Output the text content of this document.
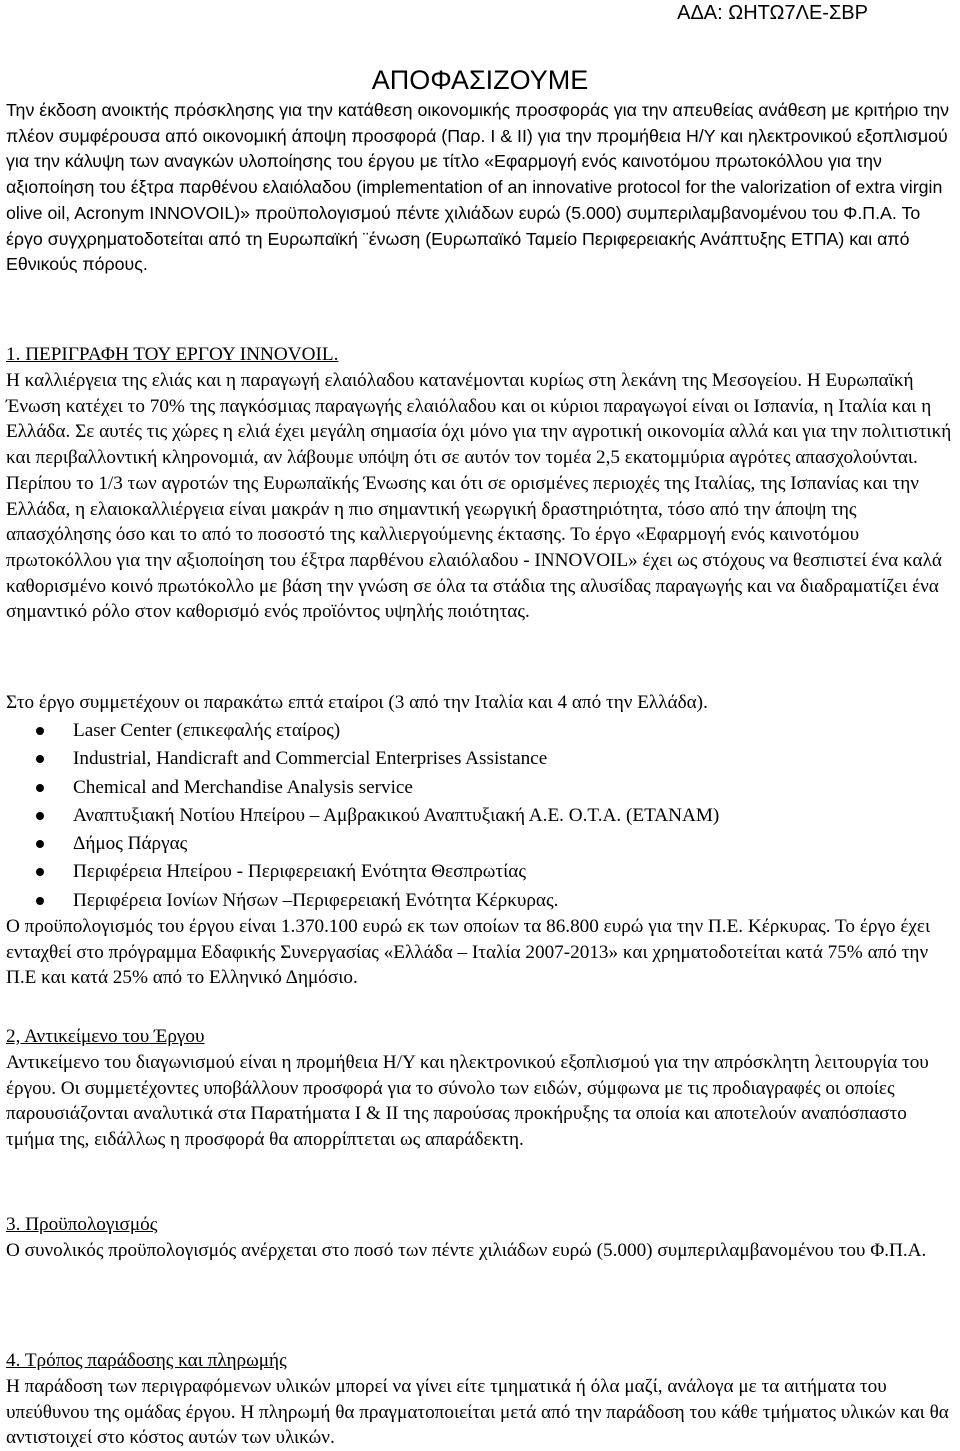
ΑΔΑ: ΩΗΤΩ7ΛΕ-ΣΒΡ
ΑΠΟΦΑΣΙΖΟΥΜΕ

Την έκδοση ανοικτής πρόσκλησης για την κατάθεση οικονομικής προσφοράς για την απευθείας ανάθεση με κριτήριο την πλέον συμφέρουσα από οικονομική άποψη προσφορά (Παρ. I & II) για την προμήθεια Η/Υ και ηλεκτρονικού εξοπλισμού για την κάλυψη των αναγκών υλοποίησης του έργου με τίτλο «Εφαρμογή ενός καινοτόμου πρωτοκόλλου για την αξιοποίηση του έξτρα παρθένου ελαιόλαδου (implementation of an innovative protocol for the valorization of extra virgin olive oil, Acronym INNOVOIL)» προϋπολογισμού πέντε χιλιάδων ευρώ (5.000) συμπεριλαμβανομένου του Φ.Π.Α. Το έργο συγχρηματοδοτείται από τη Ευρωπαϊκή ¨ένωση (Ευρωπαϊκό Ταμείο Περιφερειακής Ανάπτυξης ΕΤΠΑ) και από Εθνικούς πόρους.

1. ΠΕΡΙΓΡΑΦΗ ΤΟΥ ΕΡΓΟΥ INNOVOIL.

Η καλλιέργεια της ελιάς και η παραγωγή ελαιόλαδου κατανέμονται κυρίως στη λεκάνη της Μεσογείου. Η Ευρωπαϊκή Ένωση κατέχει το 70% της παγκόσμιας παραγωγής ελαιόλαδου και οι κύριοι παραγωγοί είναι οι Ισπανία, η Ιταλία και η Ελλάδα. Σε αυτές τις χώρες η ελιά έχει μεγάλη σημασία όχι μόνο για την αγροτική οικονομία αλλά και για την πολιτιστική και περιβαλλοντική κληρονομιά, αν λάβουμε υπόψη ότι σε αυτόν τον τομέα 2,5 εκατομμύρια αγρότες απασχολούνται. Περίπου το 1/3 των αγροτών της Ευρωπαϊκής Ένωσης και ότι σε ορισμένες περιοχές της Ιταλίας, της Ισπανίας και την Ελλάδα, η ελαιοκαλλιέργεια είναι μακράν η πιο σημαντική γεωργική δραστηριότητα, τόσο από την άποψη της απασχόλησης όσο και το από το ποσοστό της καλλιεργούμενης έκτασης. Το έργο «Εφαρμογή ενός καινοτόμου πρωτοκόλλου για την αξιοποίηση του έξτρα παρθένου ελαιόλαδου - INNOVOIL» έχει ως στόχους να θεσπιστεί ένα καλά καθορισμένο κοινό πρωτόκολλο με βάση την γνώση σε όλα τα στάδια της αλυσίδας παραγωγής και να διαδραματίζει ένα σημαντικό ρόλο στον καθορισμό ενός προϊόντος υψηλής ποιότητας.

Στο έργο συμμετέχουν οι παρακάτω επτά εταίροι (3 από την Ιταλία και 4 από την Ελλάδα).

Laser Center (επικεφαλής εταίρος)
Industrial, Handicraft and Commercial Enterprises Assistance
Chemical and Merchandise Analysis service
Αναπτυξιακή Νοτίου Ηπείρου – Αμβρακικού Αναπτυξιακή Α.Ε. Ο.Τ.Α. (ΕΤΑΝΑΜ)
Δήμος Πάργας
Περιφέρεια Ηπείρου - Περιφερειακή Ενότητα Θεσπρωτίας
Περιφέρεια Ιονίων Νήσων –Περιφερειακή Ενότητα Κέρκυρας.

Ο προϋπολογισμός του έργου είναι 1.370.100 ευρώ εκ των οποίων τα 86.800 ευρώ για την Π.Ε. Κέρκυρας. Το έργο έχει ενταχθεί στο πρόγραμμα Εδαφικής Συνεργασίας «Ελλάδα – Ιταλία 2007-2013» και χρηματοδοτείται κατά 75% από την Π.Ε και κατά 25% από το Ελληνικό Δημόσιο.

2, Αντικείμενο του Έργου

Αντικείμενο του διαγωνισμού είναι η προμήθεια Η/Υ και ηλεκτρονικού εξοπλισμού για την απρόσκλητη λειτουργία του έργου. Οι συμμετέχοντες υποβάλλουν προσφορά για το σύνολο των ειδών, σύμφωνα με τις προδιαγραφές οι οποίες παρουσιάζονται αναλυτικά στα Παρατήματα Ι & ΙΙ της παρούσας προκήρυξης τα οποία και αποτελούν αναπόσπαστο τμήμα της, ειδάλλως η προσφορά θα απορρίπτεται ως απαράδεκτη.

3. Προϋπολογισμός

Ο συνολικός προϋπολογισμός ανέρχεται στο ποσό των πέντε χιλιάδων ευρώ (5.000) συμπεριλαμβανομένου του Φ.Π.Α.

4. Τρόπος παράδοσης και πληρωμής

Η παράδοση των περιγραφόμενων υλικών μπορεί να γίνει είτε τμηματικά ή όλα μαζί, ανάλογα με τα αιτήματα του υπεύθυνου της ομάδας έργου. Η πληρωμή θα πραγματοποιείται μετά από την παράδοση του κάθε τμήματος υλικών και θα αντιστοιχεί στο κόστος αυτών των υλικών.
